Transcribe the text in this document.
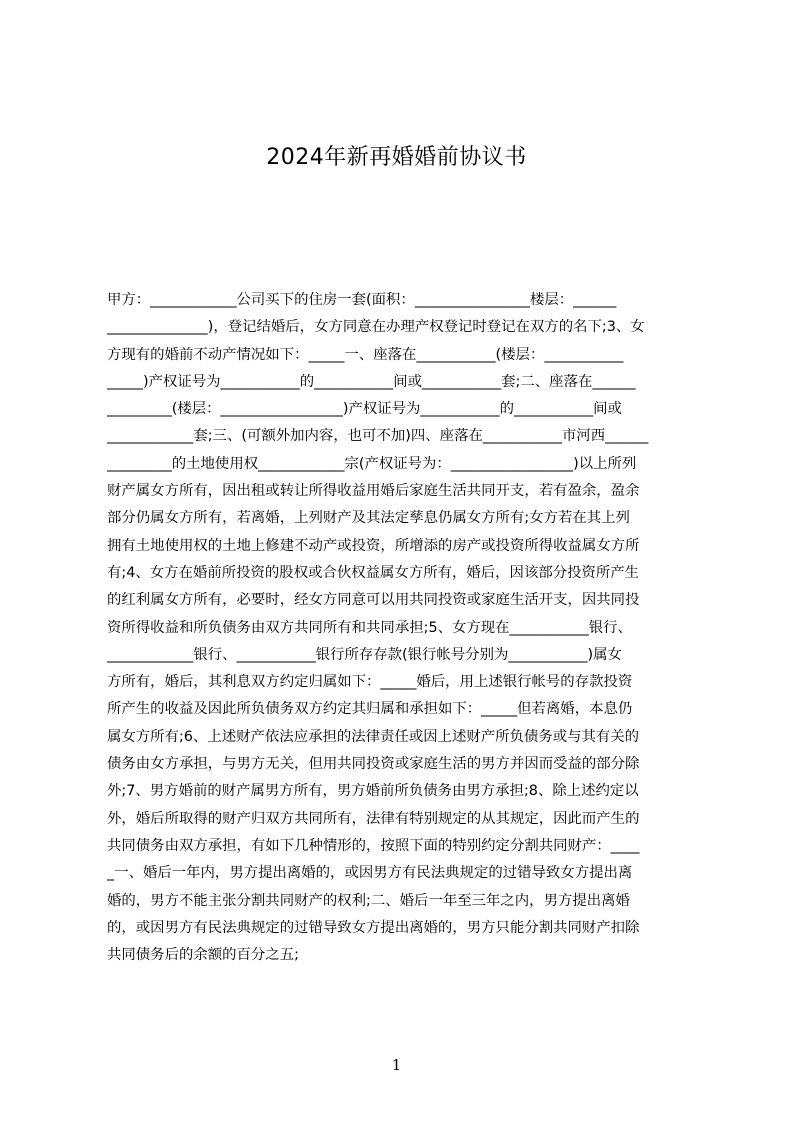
2024年新再婚婚前协议书
甲方：____________公司买下的住房一套(面积：________________楼层：______
______________)，登记结婚后，女方同意在办理产权登记时登记在双方的名下;3、女
方现有的婚前不动产情况如下：_____一、座落在___________(楼层：___________
_____)产权证号为___________的___________间或___________套;二、座落在______
_________(楼层：_________________)产权证号为___________的___________间或
____________套;三、(可额外加内容，也可不加)四、座落在___________市河西______
_________的土地使用权____________宗(产权证号为：_________________)以上所列
财产属女方所有，因出租或转让所得收益用婚后家庭生活共同开支，若有盈余，盈余
部分仍属女方所有，若离婚，上列财产及其法定孳息仍属女方所有;女方若在其上列
拥有土地使用权的土地上修建不动产或投资，所增添的房产或投资所得收益属女方所
有;4、女方在婚前所投资的股权或合伙权益属女方所有，婚后，因该部分投资所产生
的红利属女方所有，必要时，经女方同意可以用共同投资或家庭生活开支，因共同投
资所得收益和所负债务由双方共同所有和共同承担;5、女方现在___________银行、
____________银行、___________银行所存存款(银行帐号分别为___________)属女
方所有，婚后，其利息双方约定归属如下：_____婚后，用上述银行帐号的存款投资
所产生的收益及因此所负债务双方约定其归属和承担如下：_____但若离婚，本息仍
属女方所有;6、上述财产依法应承担的法律责任或因上述财产所负债务或与其有关的
债务由女方承担，与男方无关，但用共同投资或家庭生活的男方并因而受益的部分除
外;7、男方婚前的财产属男方所有，男方婚前所负债务由男方承担;8、除上述约定以
外，婚后所取得的财产归双方共同所有，法律有特别规定的从其规定，因此而产生的
共同债务由双方承担，有如下几种情形的，按照下面的特别约定分割共同财产：____
_一、婚后一年内，男方提出离婚的，或因男方有民法典规定的过错导致女方提出离
婚的，男方不能主张分割共同财产的权利;二、婚后一年至三年之内，男方提出离婚
的，或因男方有民法典规定的过错导致女方提出离婚的，男方只能分割共同财产扣除
共同债务后的余额的百分之五;
1
